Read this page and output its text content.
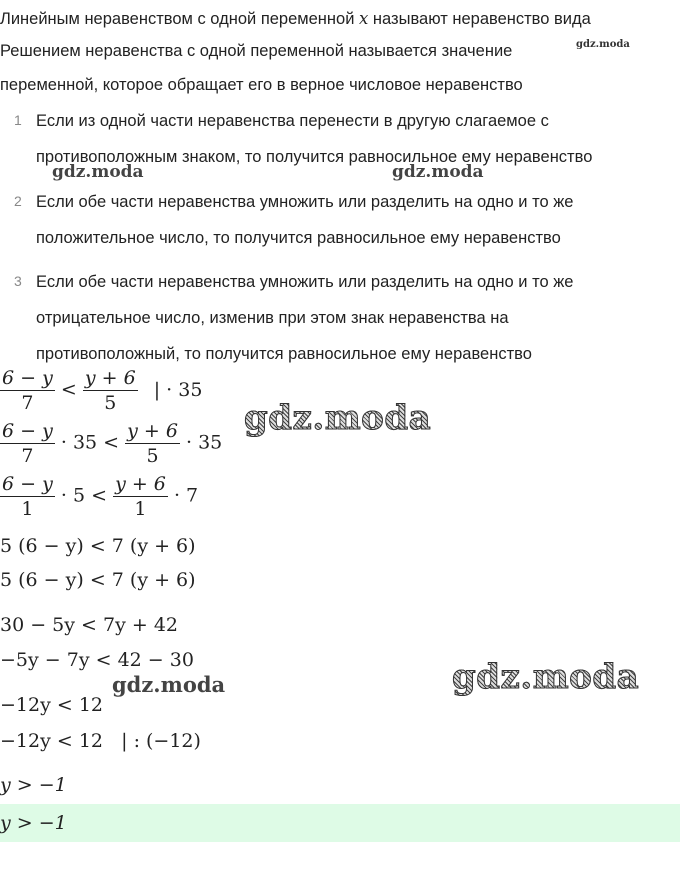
Линейным неравенством с одной переменной x называют неравенство вида
Решением неравенства с одной переменной называется значение	gdz.moda
переменной, которое обращает его в верное числовое неравенство
1 Если из одной части неравенства перенести в другую слагаемое с
противоположным знаком, то получится равносильное ему неравенство
2 Если обе части неравенства умножить или разделить на одно и то же
положительное число, то получится равносильное ему неравенство
3 Если обе части неравенства умножить или разделить на одно и то же
отрицательное число, изменив при этом знак неравенства на
противоположный, то получится равносильное ему неравенство
gdz.moda	gdz.moda
$\frac{6 - y}{7} < \frac{y + 6}{5}$ | · 35
gdz.moda
$\frac{6 - y}{7} \cdot 35 < \frac{y + 6}{5} \cdot 35$
$\frac{6 - y}{1} \cdot 5 < \frac{y + 6}{1} \cdot 7$
5 (6 − y) < 7 (y + 6)
5 (6 − y) < 7 (y + 6)
30 − 5y < 7y + 42
−5y − 7y < 42 − 30
gdz.moda	gdz.moda
−12y < 12
−12y < 12   | : (−12)
y > −1
y > −1
